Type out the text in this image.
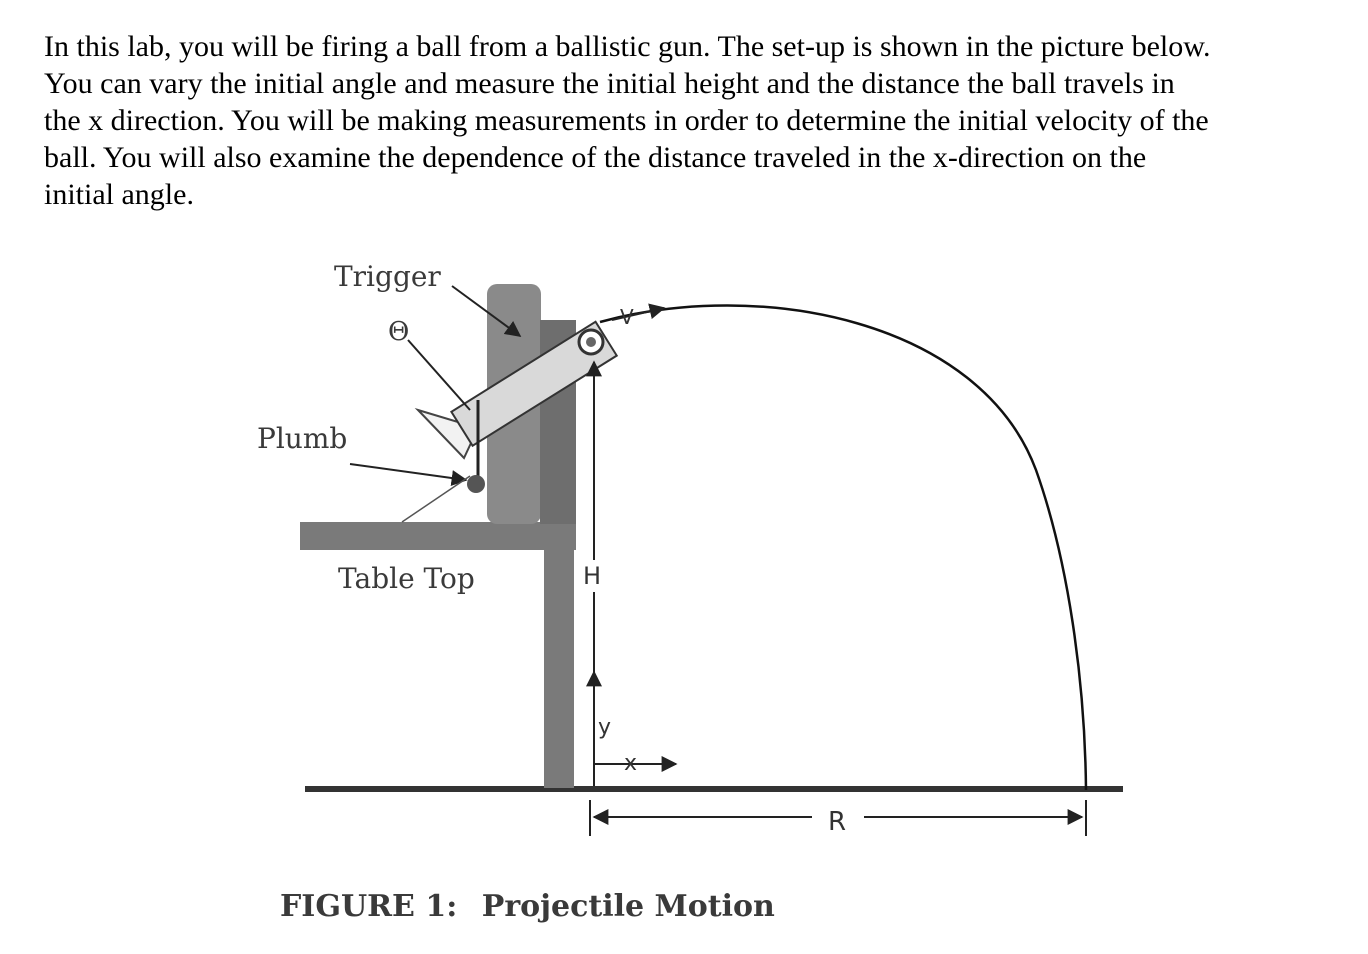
In this lab, you will be firing a ball from a ballistic gun. The set-up is shown in the picture below.
You can vary the initial angle and measure the initial height and the distance the ball travels in
the x direction. You will be making measurements in order to determine the initial velocity of the
ball. You will also examine the dependence of the distance traveled in the x-direction on the
initial angle.
Trigger
Θ
Plumb
Table Top
V
H
y
x
R
FIGURE 1: Projectile Motion
